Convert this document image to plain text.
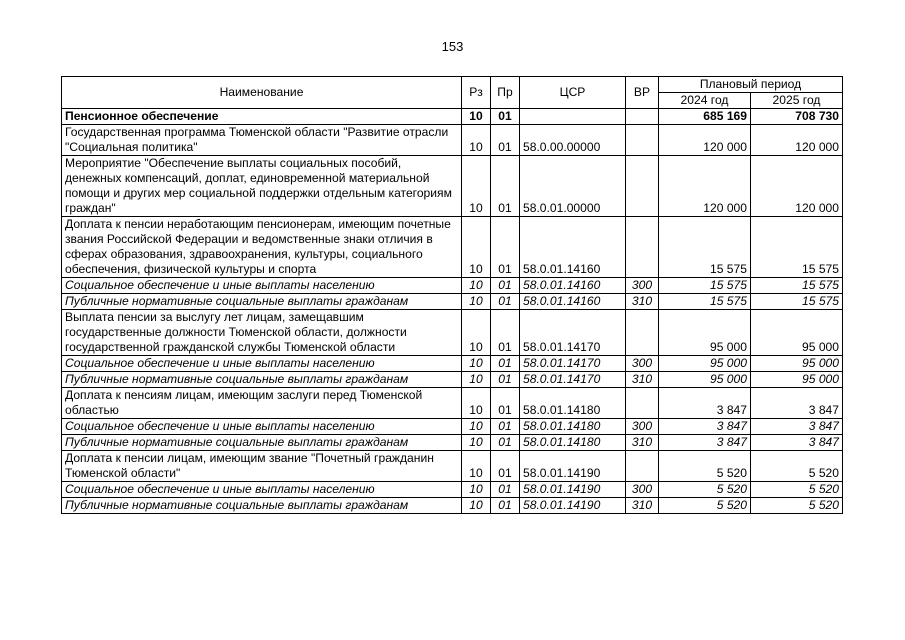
153
Наименование	Рз	Пр	ЦСР	ВР	Плановый период	
					2024 год	2025 год
Пенсионное обеспечение	10	01			685 169	708 730
Государственная программа Тюменской области "Развитие отрасли "Социальная политика"	10	01	58.0.00.00000		120 000	120 000
Мероприятие "Обеспечение выплаты социальных пособий, денежных компенсаций, доплат, единовременной материальной помощи и других мер социальной поддержки отдельным категориям граждан"	10	01	58.0.01.00000		120 000	120 000
Доплата к пенсии неработающим пенсионерам, имеющим почетные звания Российской Федерации и ведомственные знаки отличия в сферах образования, здравоохранения, культуры, социального обеспечения, физической культуры и спорта	10	01	58.0.01.14160		15 575	15 575
Социальное обеспечение и иные выплаты населению	10	01	58.0.01.14160	300	15 575	15 575
Публичные нормативные социальные выплаты гражданам	10	01	58.0.01.14160	310	15 575	15 575
Выплата пенсии за выслугу лет лицам, замещавшим государственные должности Тюменской области, должности государственной гражданской службы Тюменской области	10	01	58.0.01.14170		95 000	95 000
Социальное обеспечение и иные выплаты населению	10	01	58.0.01.14170	300	95 000	95 000
Публичные нормативные социальные выплаты гражданам	10	01	58.0.01.14170	310	95 000	95 000
Доплата к пенсиям лицам, имеющим заслуги перед Тюменской областью	10	01	58.0.01.14180		3 847	3 847
Социальное обеспечение и иные выплаты населению	10	01	58.0.01.14180	300	3 847	3 847
Публичные нормативные социальные выплаты гражданам	10	01	58.0.01.14180	310	3 847	3 847
Доплата к пенсии лицам, имеющим звание "Почетный гражданин Тюменской области"	10	01	58.0.01.14190		5 520	5 520
Социальное обеспечение и иные выплаты населению	10	01	58.0.01.14190	300	5 520	5 520
Публичные нормативные социальные выплаты гражданам	10	01	58.0.01.14190	310	5 520	5 520
